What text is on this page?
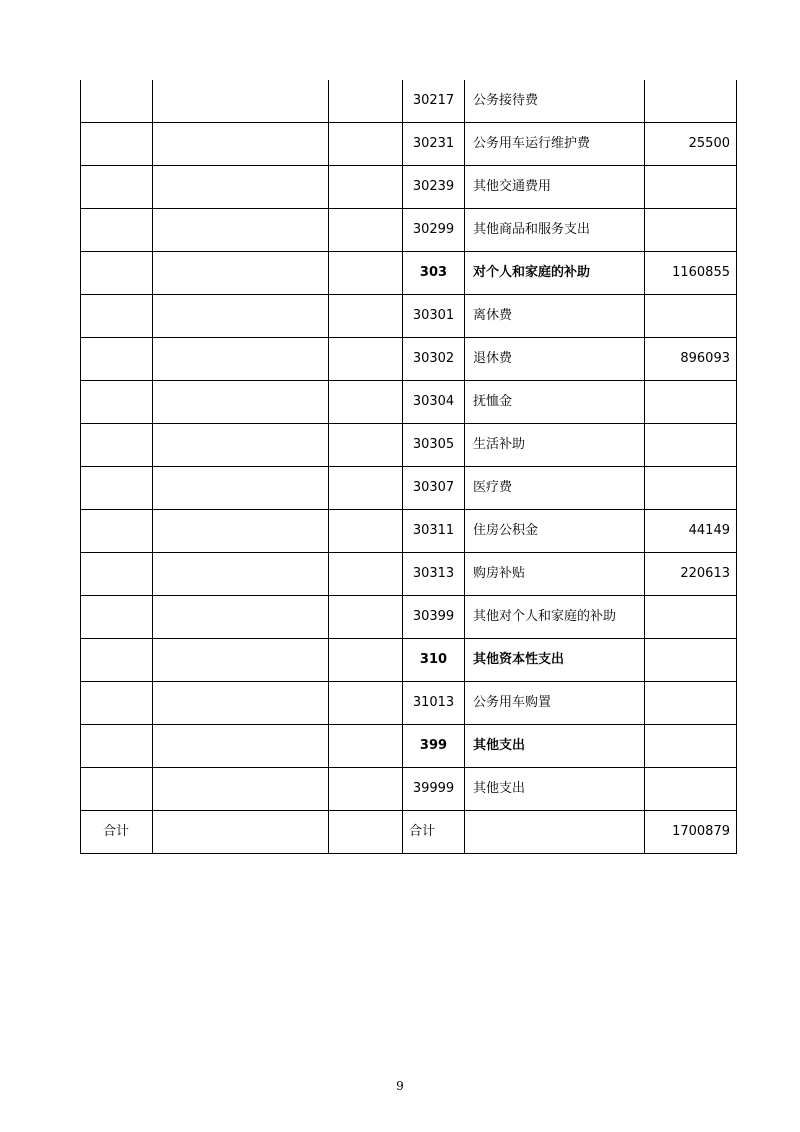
			30217	公务接待费	
			30231	公务用车运行维护费	25500
			30239	其他交通费用	
			30299	其他商品和服务支出	
			303	对个人和家庭的补助	1160855
			30301	离休费	
			30302	退休费	896093
			30304	抚恤金	
			30305	生活补助	
			30307	医疗费	
			30311	住房公积金	44149
			30313	购房补贴	220613
			30399	其他对个人和家庭的补助	
			310	其他资本性支出	
			31013	公务用车购置	
			399	其他支出	
			39999	其他支出	
合计			合计		1700879
9
